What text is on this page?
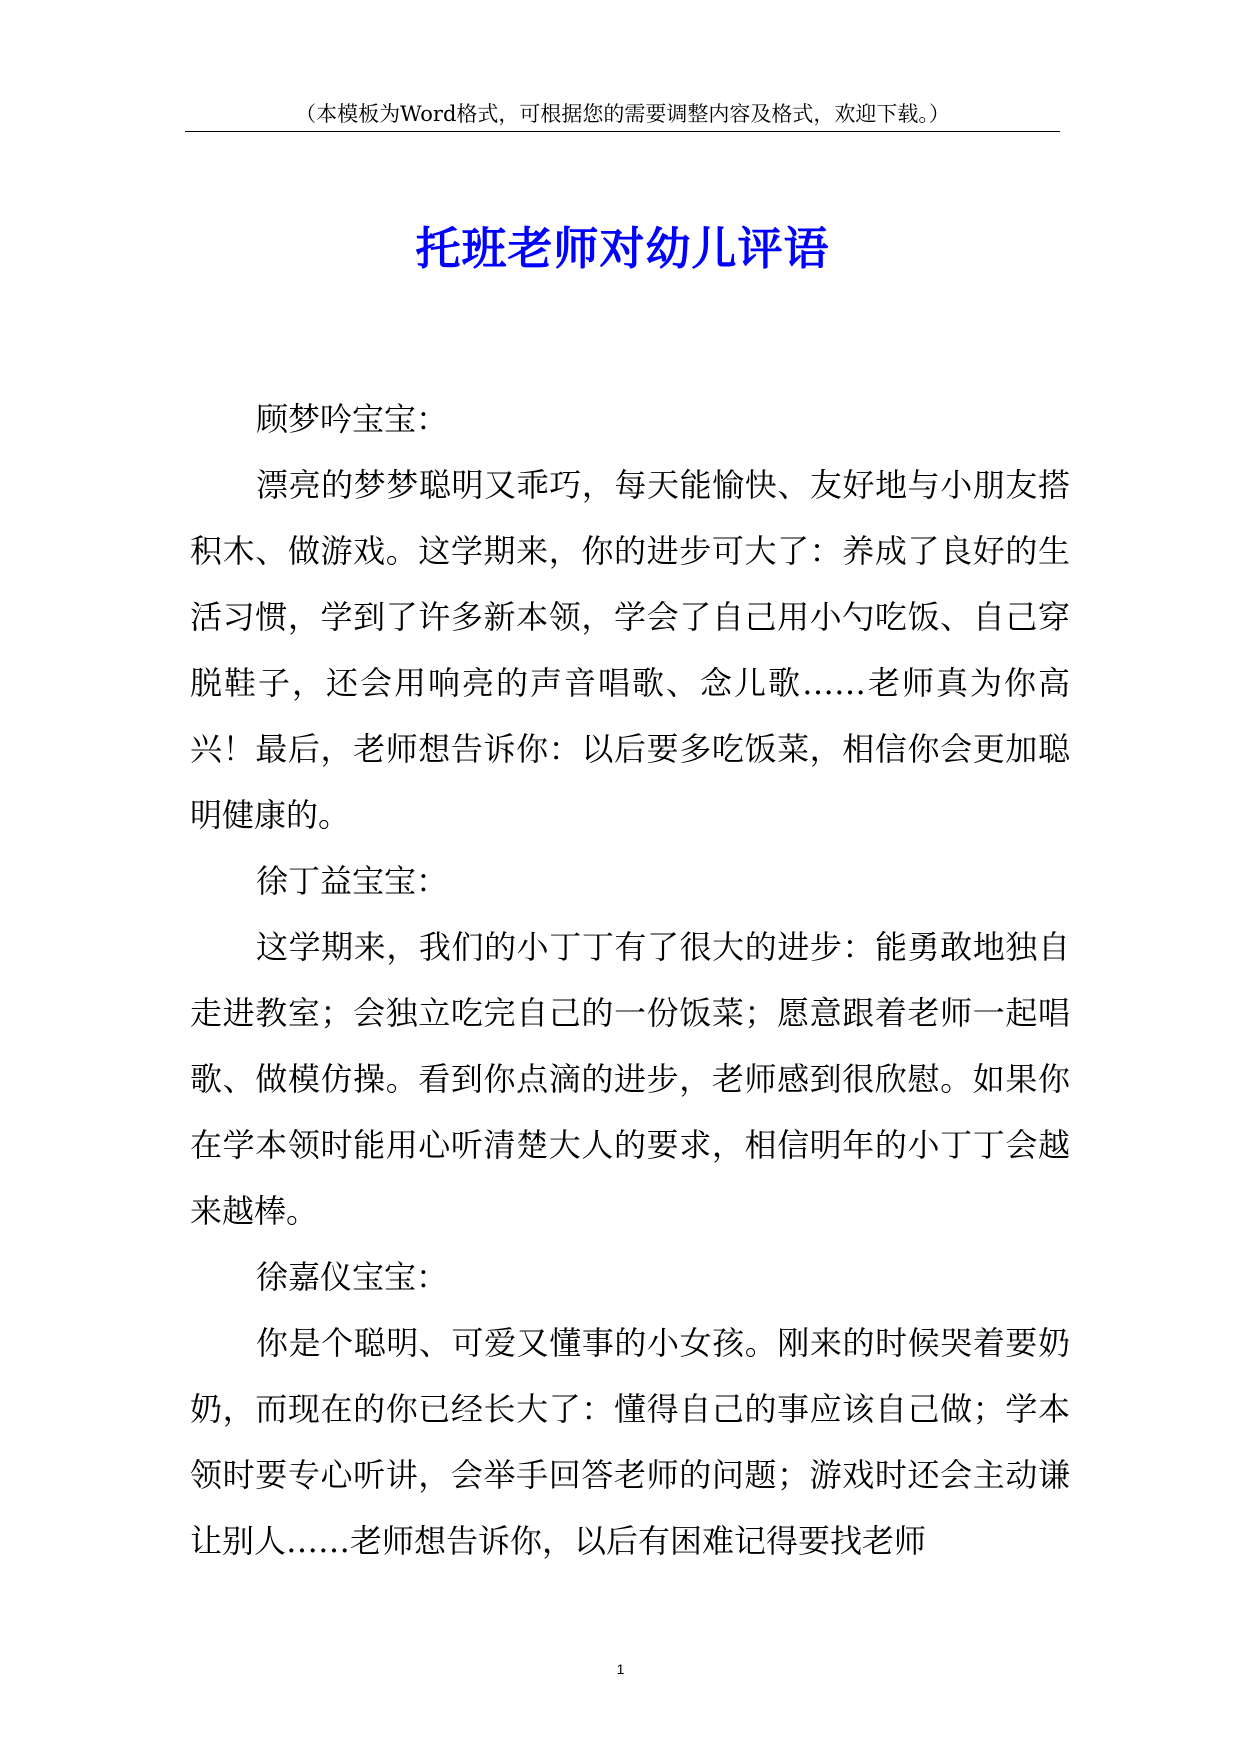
（本模板为Word格式，可根据您的需要调整内容及格式，欢迎下载。）
托班老师对幼儿评语

顾梦吟宝宝：

漂亮的梦梦聪明又乖巧，每天能愉快、友好地与小朋友搭积木、做游戏。这学期来，你的进步可大了：养成了良好的生活习惯，学到了许多新本领，学会了自己用小勺吃饭、自己穿脱鞋子，还会用响亮的声音唱歌、念儿歌……老师真为你高兴！最后，老师想告诉你：以后要多吃饭菜，相信你会更加聪明健康的。

徐丁益宝宝：

这学期来，我们的小丁丁有了很大的进步：能勇敢地独自走进教室；会独立吃完自己的一份饭菜；愿意跟着老师一起唱歌、做模仿操。看到你点滴的进步，老师感到很欣慰。如果你在学本领时能用心听清楚大人的要求，相信明年的小丁丁会越来越棒。

徐嘉仪宝宝：

你是个聪明、可爱又懂事的小女孩。刚来的时候哭着要奶奶，而现在的你已经长大了：懂得自己的事应该自己做；学本领时要专心听讲，会举手回答老师的问题；游戏时还会主动谦让别人……老师想告诉你，以后有困难记得要找老师

1
